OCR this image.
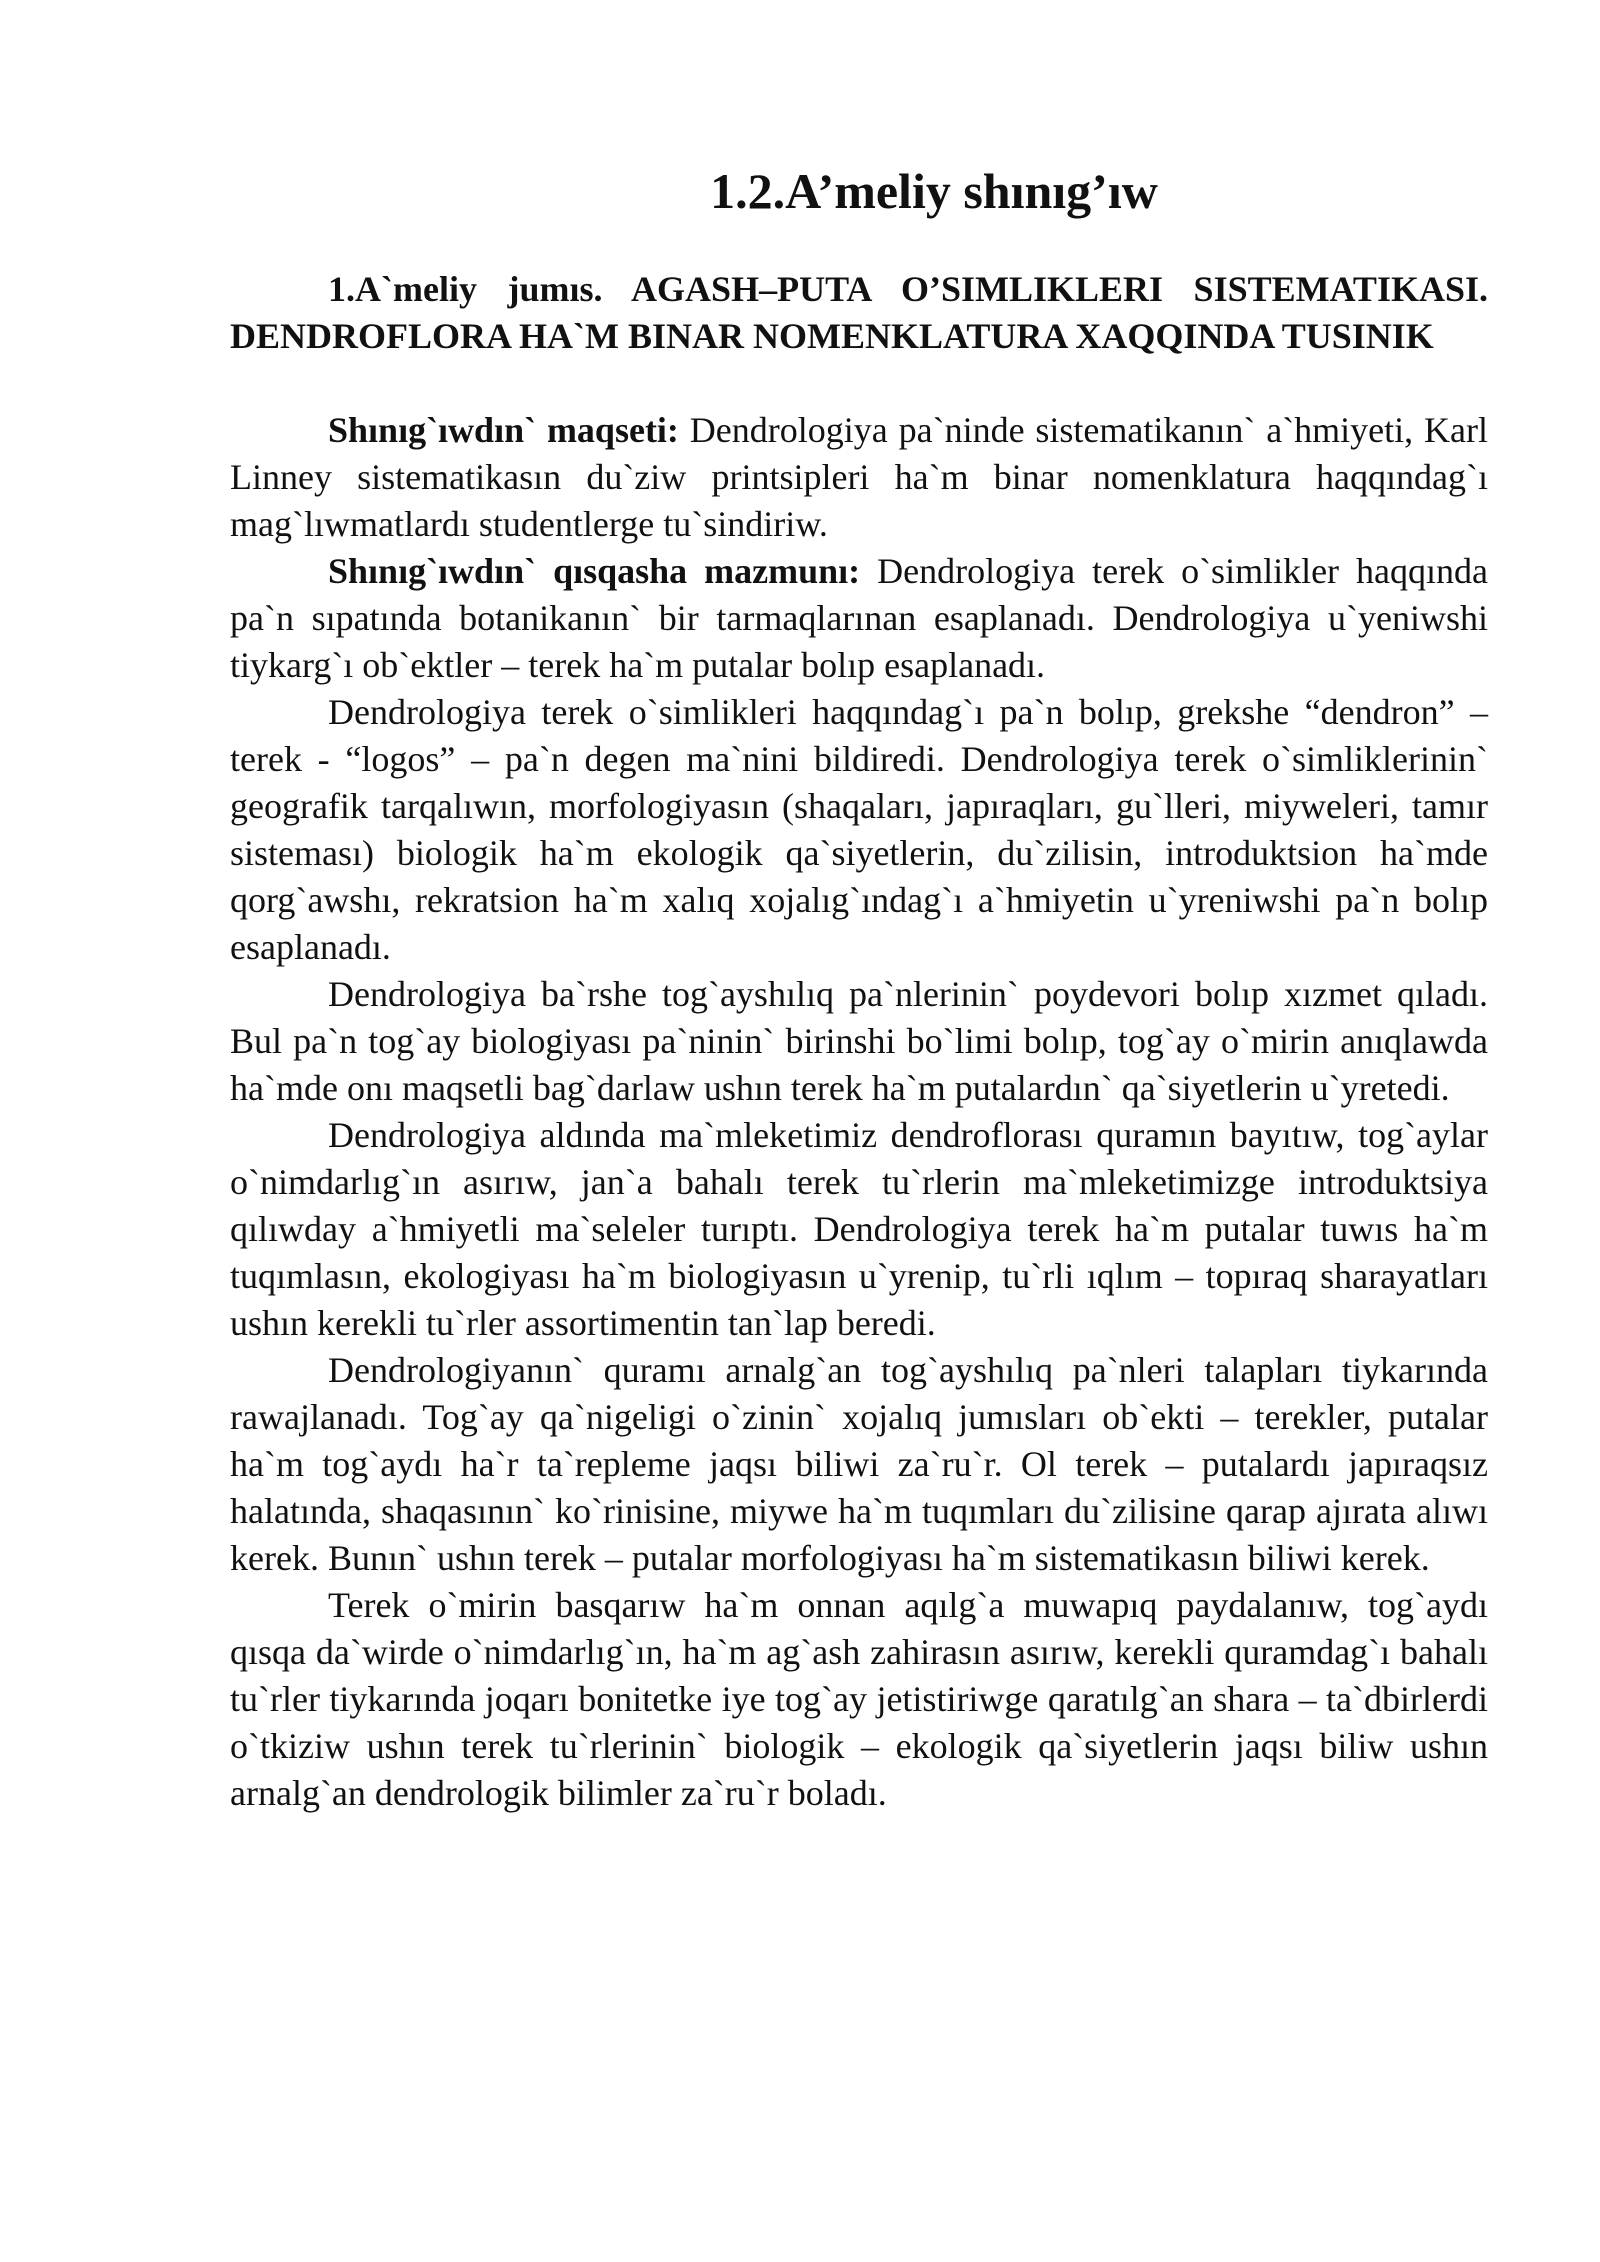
1.2.A’meliy shınıg’ıw

1.A`meliy jumıs. AGASH–PUTA O’SIMLIKLERI SISTEMATIKASI. DENDROFLORA HA`M BINAR NOMENKLATURA XAQQINDA TUSINIK

Shınıg`ıwdın` maqseti: Dendrologiya pa`ninde sistematikanın` a`hmiyeti, Karl Linney sistematikasın du`ziw printsipleri ha`m binar nomenklatura haqqındag`ı mag`lıwmatlardı studentlerge tu`sindiriw.

Shınıg`ıwdın` qısqasha mazmunı: Dendrologiya terek o`simlikler haqqında pa`n sıpatında botanikanın` bir tarmaqlarınan esaplanadı. Dendrologiya u`yeniwshi tiykarg`ı ob`ektler – terek ha`m putalar bolıp esaplanadı.

Dendrologiya terek o`simlikleri haqqındag`ı pa`n bolıp, grekshe “dendron” – terek - “logos” – pa`n degen ma`nini bildiredi. Dendrologiya terek o`simliklerinin` geografik tarqalıwın, morfologiyasın (shaqaları, japıraqları, gu`lleri, miyweleri, tamır sisteması) biologik ha`m ekologik qa`siyetlerin, du`zilisin, introduktsion ha`mde qorg`awshı, rekratsion ha`m xalıq xojalıg`ındag`ı a`hmiyetin u`yreniwshi pa`n bolıp esaplanadı.

Dendrologiya ba`rshe tog`ayshılıq pa`nlerinin` poydevori bolıp xızmet qıladı. Bul pa`n tog`ay biologiyası pa`ninin` birinshi bo`limi bolıp, tog`ay o`mirin anıqlawda ha`mde onı maqsetli bag`darlaw ushın terek ha`m putalardın` qa`siyetlerin u`yretedi.

Dendrologiya aldında ma`mleketimiz dendroflorası quramın bayıtıw, tog`aylar o`nimdarlıg`ın asırıw, jan`a bahalı terek tu`rlerin ma`mleketimizge introduktsiya qılıwday a`hmiyetli ma`seleler turıptı. Dendrologiya terek ha`m putalar tuwıs ha`m tuqımlasın, ekologiyası ha`m biologiyasın u`yrenip, tu`rli ıqlım – topıraq sharayatları ushın kerekli tu`rler assortimentin tan`lap beredi.

Dendrologiyanın` quramı arnalg`an tog`ayshılıq pa`nleri talapları tiykarında rawajlanadı. Tog`ay qa`nigeligi o`zinin` xojalıq jumısları ob`ekti – terekler, putalar ha`m tog`aydı ha`r ta`repleme jaqsı biliwi za`ru`r. Ol terek – putalardı japıraqsız halatında, shaqasının` ko`rinisine, miywe ha`m tuqımları du`zilisine qarap ajırata alıwı kerek. Bunın` ushın terek – putalar morfologiyası ha`m sistematikasın biliwi kerek.

Terek o`mirin basqarıw ha`m onnan aqılg`a muwapıq paydalanıw, tog`aydı qısqa da`wirde o`nimdarlıg`ın, ha`m ag`ash zahirasın asırıw, kerekli quramdag`ı bahalı tu`rler tiykarında joqarı bonitetke iye tog`ay jetistiriwge qaratılg`an shara – ta`dbirlerdi o`tkiziw ushın terek tu`rlerinin` biologik – ekologik qa`siyetlerin jaqsı biliw ushın arnalg`an dendrologik bilimler za`ru`r boladı.
